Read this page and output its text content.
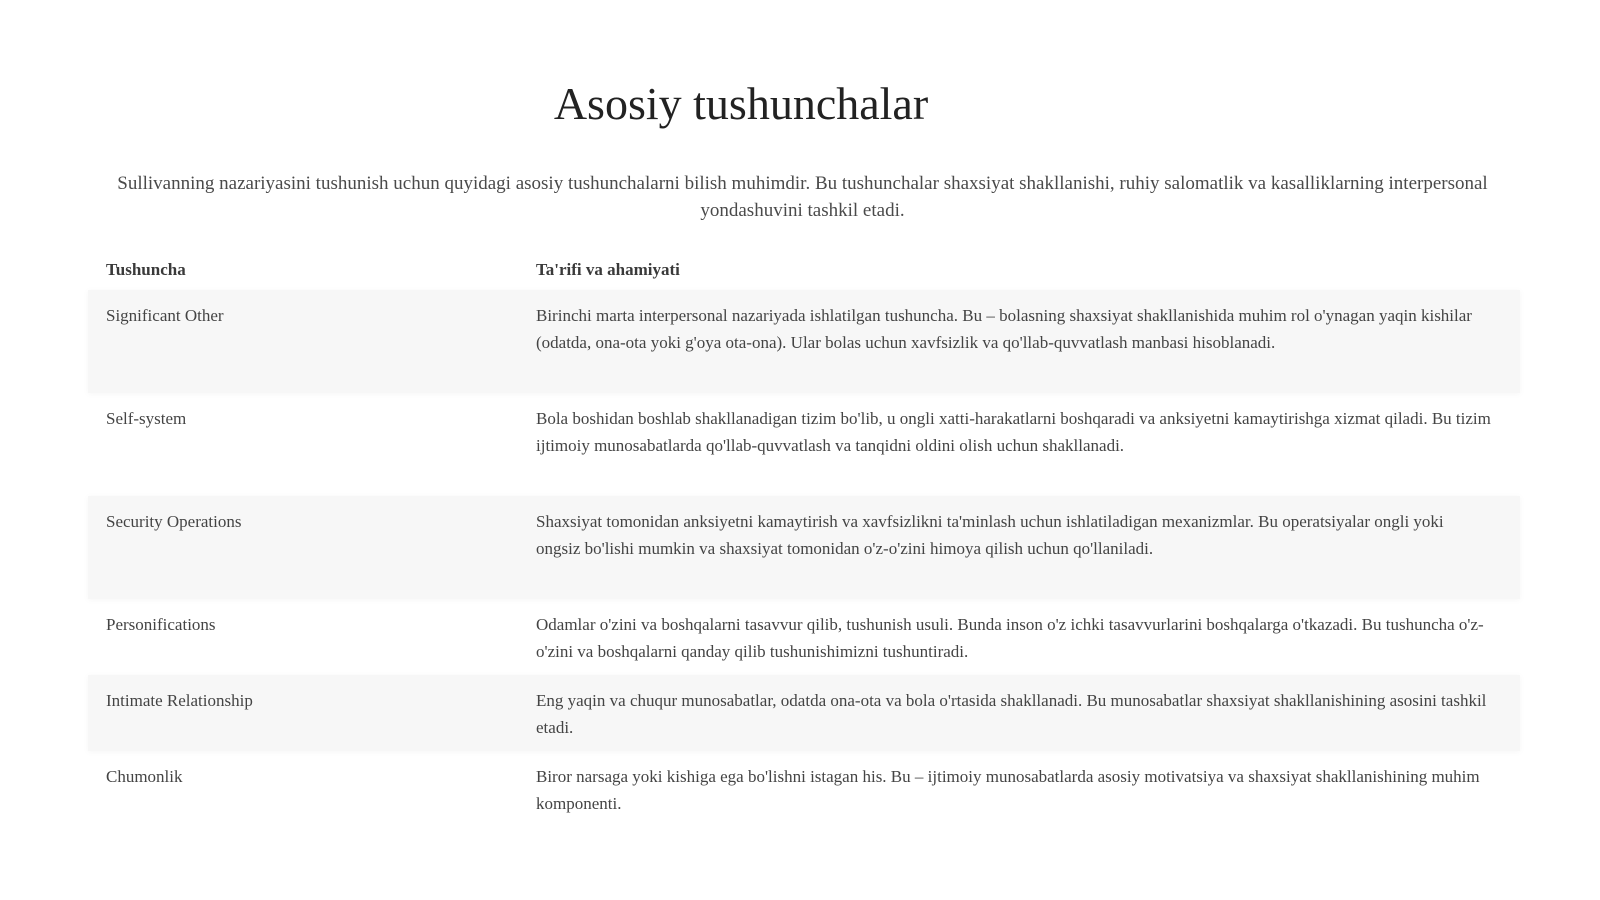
Asosiy tushunchalar

Sullivanning nazariyasini tushunish uchun quyidagi asosiy tushunchalarni bilish muhimdir. Bu tushunchalar shaxsiyat shakllanishi, ruhiy salomatlik va kasalliklarning interpersonal yondashuvini tashkil etadi.

Tushuncha	Ta'rifi va ahamiyati
Significant Other	Birinchi marta interpersonal nazariyada ishlatilgan tushuncha. Bu – bolasning shaxsiyat shakllanishida muhim rol o'ynagan yaqin kishilar (odatda, ona-ota yoki g'oya ota-ona). Ular bolas uchun xavfsizlik va qo'llab-quvvatlash manbasi hisoblanadi.
Self-system	Bola boshidan boshlab shakllanadigan tizim bo'lib, u ongli xatti-harakatlarni boshqaradi va anksiyetni kamaytirishga xizmat qiladi. Bu tizim ijtimoiy munosabatlarda qo'llab-quvvatlash va tanqidni oldini olish uchun shakllanadi.
Security Operations	Shaxsiyat tomonidan anksiyetni kamaytirish va xavfsizlikni ta'minlash uchun ishlatiladigan mexanizmlar. Bu operatsiyalar ongli yoki ongsiz bo'lishi mumkin va shaxsiyat tomonidan o'z-o'zini himoya qilish uchun qo'llaniladi.
Personifications	Odamlar o'zini va boshqalarni tasavvur qilib, tushunish usuli. Bunda inson o'z ichki tasavvurlarini boshqalarga o'tkazadi. Bu tushuncha o'z-o'zini va boshqalarni qanday qilib tushunishimizni tushuntiradi.
Intimate Relationship	Eng yaqin va chuqur munosabatlar, odatda ona-ota va bola o'rtasida shakllanadi. Bu munosabatlar shaxsiyat shakllanishining asosini tashkil etadi.
Chumonlik	Biror narsaga yoki kishiga ega bo'lishni istagan his. Bu – ijtimoiy munosabatlarda asosiy motivatsiya va shaxsiyat shakllanishining muhim komponenti.
